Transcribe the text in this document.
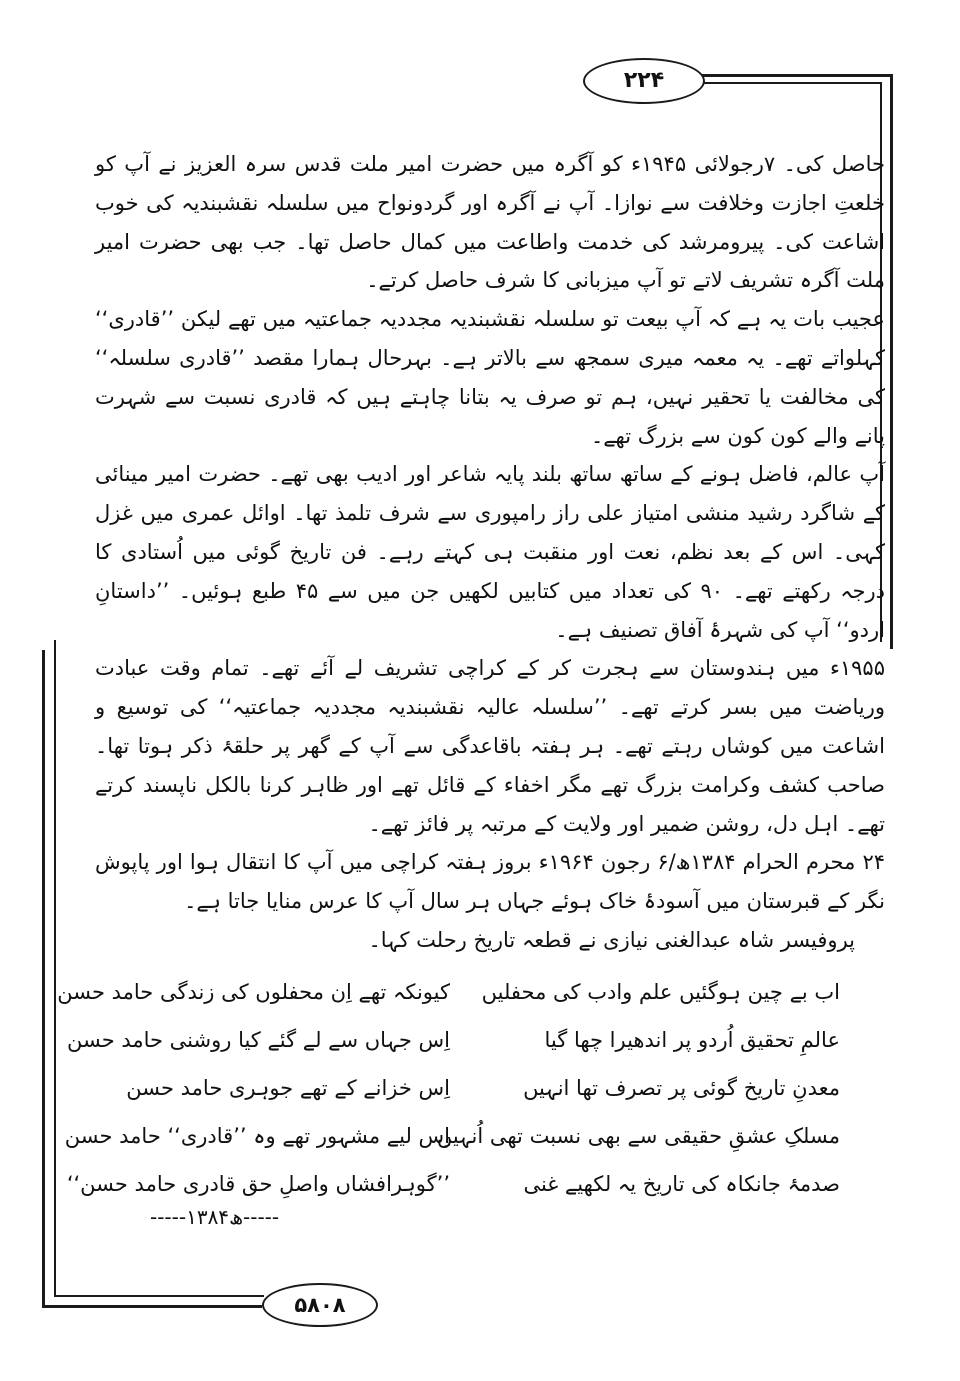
۲۲۴

حاصل کی۔ ۷رجولائی ۱۹۴۵ء کو آگرہ میں حضرت امیر ملت قدس سرہ العزیز نے آپ کو خلعتِ اجازت وخلافت سے نوازا۔ آپ نے آگرہ اور گردونواح میں سلسلہ نقشبندیہ کی خوب اشاعت کی۔ پیرومرشد کی خدمت واطاعت میں کمال حاصل تھا۔ جب بھی حضرت امیر ملت آگرہ تشریف لاتے تو آپ میزبانی کا شرف حاصل کرتے۔

عجیب بات یہ ہے کہ آپ بیعت تو سلسلہ نقشبندیہ مجددیہ جماعتیہ میں تھے لیکن ’’قادری‘‘ کہلواتے تھے۔ یہ معمہ میری سمجھ سے بالاتر ہے۔ بہرحال ہمارا مقصد ’’قادری سلسلہ‘‘ کی مخالفت یا تحقیر نہیں، ہم تو صرف یہ بتانا چاہتے ہیں کہ قادری نسبت سے شہرت پانے والے کون کون سے بزرگ تھے۔

آپ عالم، فاضل ہونے کے ساتھ ساتھ بلند پایہ شاعر اور ادیب بھی تھے۔ حضرت امیر مینائی کے شاگرد رشید منشی امتیاز علی راز رامپوری سے شرف تلمذ تھا۔ اوائل عمری میں غزل کہی۔ اس کے بعد نظم، نعت اور منقبت ہی کہتے رہے۔ فن تاریخ گوئی میں اُستادی کا درجہ رکھتے تھے۔ ۹۰ کی تعداد میں کتابیں لکھیں جن میں سے ۴۵ طبع ہوئیں۔ ’’داستانِ اردو‘‘ آپ کی شہرۂ آفاق تصنیف ہے۔

۱۹۵۵ء میں ہندوستان سے ہجرت کر کے کراچی تشریف لے آئے تھے۔ تمام وقت عبادت وریاضت میں بسر کرتے تھے۔ ’’سلسلہ عالیہ نقشبندیہ مجددیہ جماعتیہ‘‘ کی توسیع و اشاعت میں کوشاں رہتے تھے۔ ہر ہفتہ باقاعدگی سے آپ کے گھر پر حلقۂ ذکر ہوتا تھا۔ صاحب کشف وکرامت بزرگ تھے مگر اخفاء کے قائل تھے اور ظاہر کرنا بالکل ناپسند کرتے تھے۔ اہل دل، روشن ضمیر اور ولایت کے مرتبہ پر فائز تھے۔

۲۴ محرم الحرام ۱۳۸۴ھ/۶ رجون ۱۹۶۴ء بروز ہفتہ کراچی میں آپ کا انتقال ہوا اور پاپوش نگر کے قبرستان میں آسودۂ خاک ہوئے جہاں ہر سال آپ کا عرس منایا جاتا ہے۔

پروفیسر شاہ عبدالغنی نیازی نے قطعہ تاریخ رحلت کہا۔

اب بے چین ہوگئیں علم وادب کی محفلیں
کیونکہ تھے اِن محفلوں کی زندگی حامد حسن
عالمِ تحقیق اُردو پر اندھیرا چھا گیا
اِس جہاں سے لے گئے کیا روشنی حامد حسن
معدنِ تاریخ گوئی پر تصرف تھا انہیں
اِس خزانے کے تھے جوہری حامد حسن
مسلکِ عشقِ حقیقی سے بھی نسبت تھی اُنہیں
اِس لیے مشہور تھے وہ ’’قادری‘‘ حامد حسن
صدمۂ جانکاہ کی تاریخ یہ لکھیے غنی
’’گوہرافشاں واصلِ حق قادری حامد حسن‘‘
-----۱۳۸۴ھ-----
۵۸۰۸
